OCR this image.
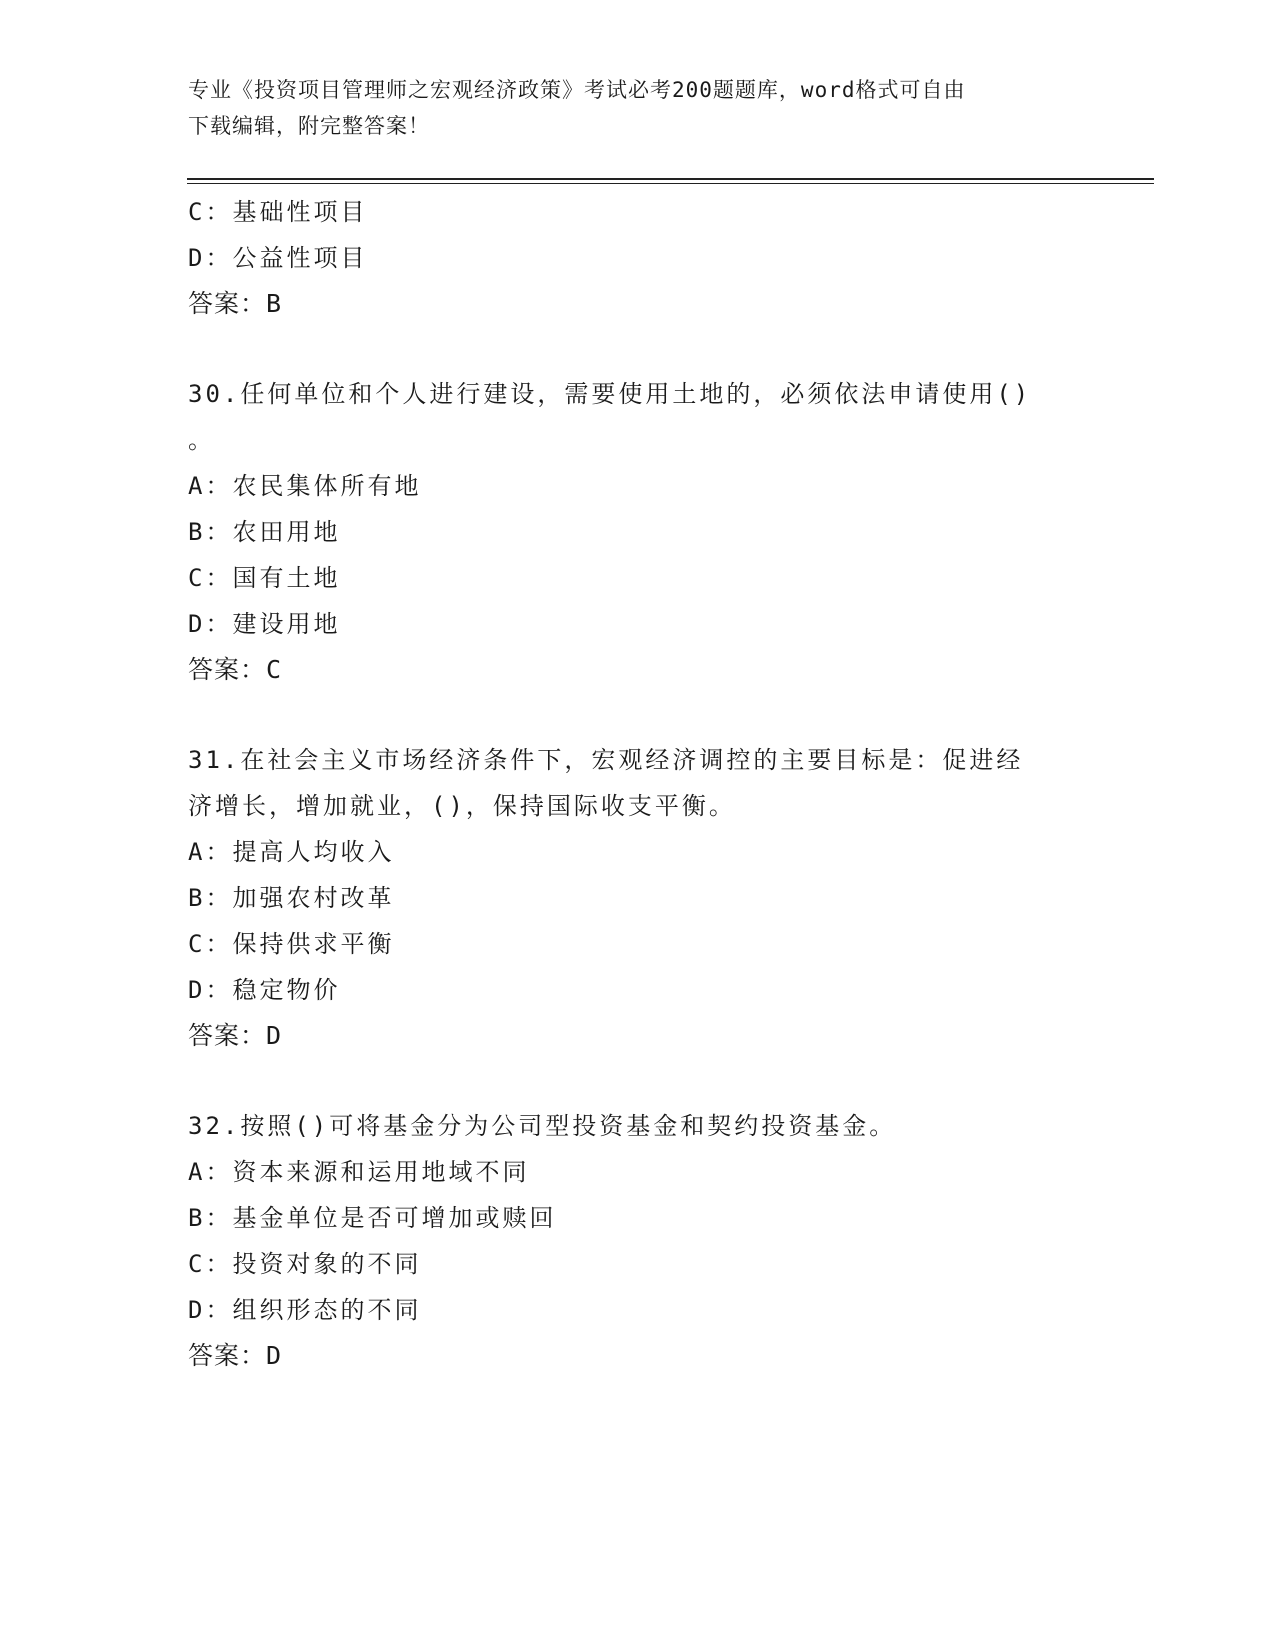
专业《投资项目管理师之宏观经济政策》考试必考200题题库，word格式可自由
下载编辑，附完整答案！
C：基础性项目
D：公益性项目
答案：B
30.任何单位和个人进行建设，需要使用土地的，必须依法申请使用()
。
A：农民集体所有地
B：农田用地
C：国有土地
D：建设用地
答案：C
31.在社会主义市场经济条件下，宏观经济调控的主要目标是：促进经
济增长，增加就业，()，保持国际收支平衡。
A：提高人均收入
B：加强农村改革
C：保持供求平衡
D：稳定物价
答案：D
32.按照()可将基金分为公司型投资基金和契约投资基金。
A：资本来源和运用地域不同
B：基金单位是否可增加或赎回
C：投资对象的不同
D：组织形态的不同
答案：D
